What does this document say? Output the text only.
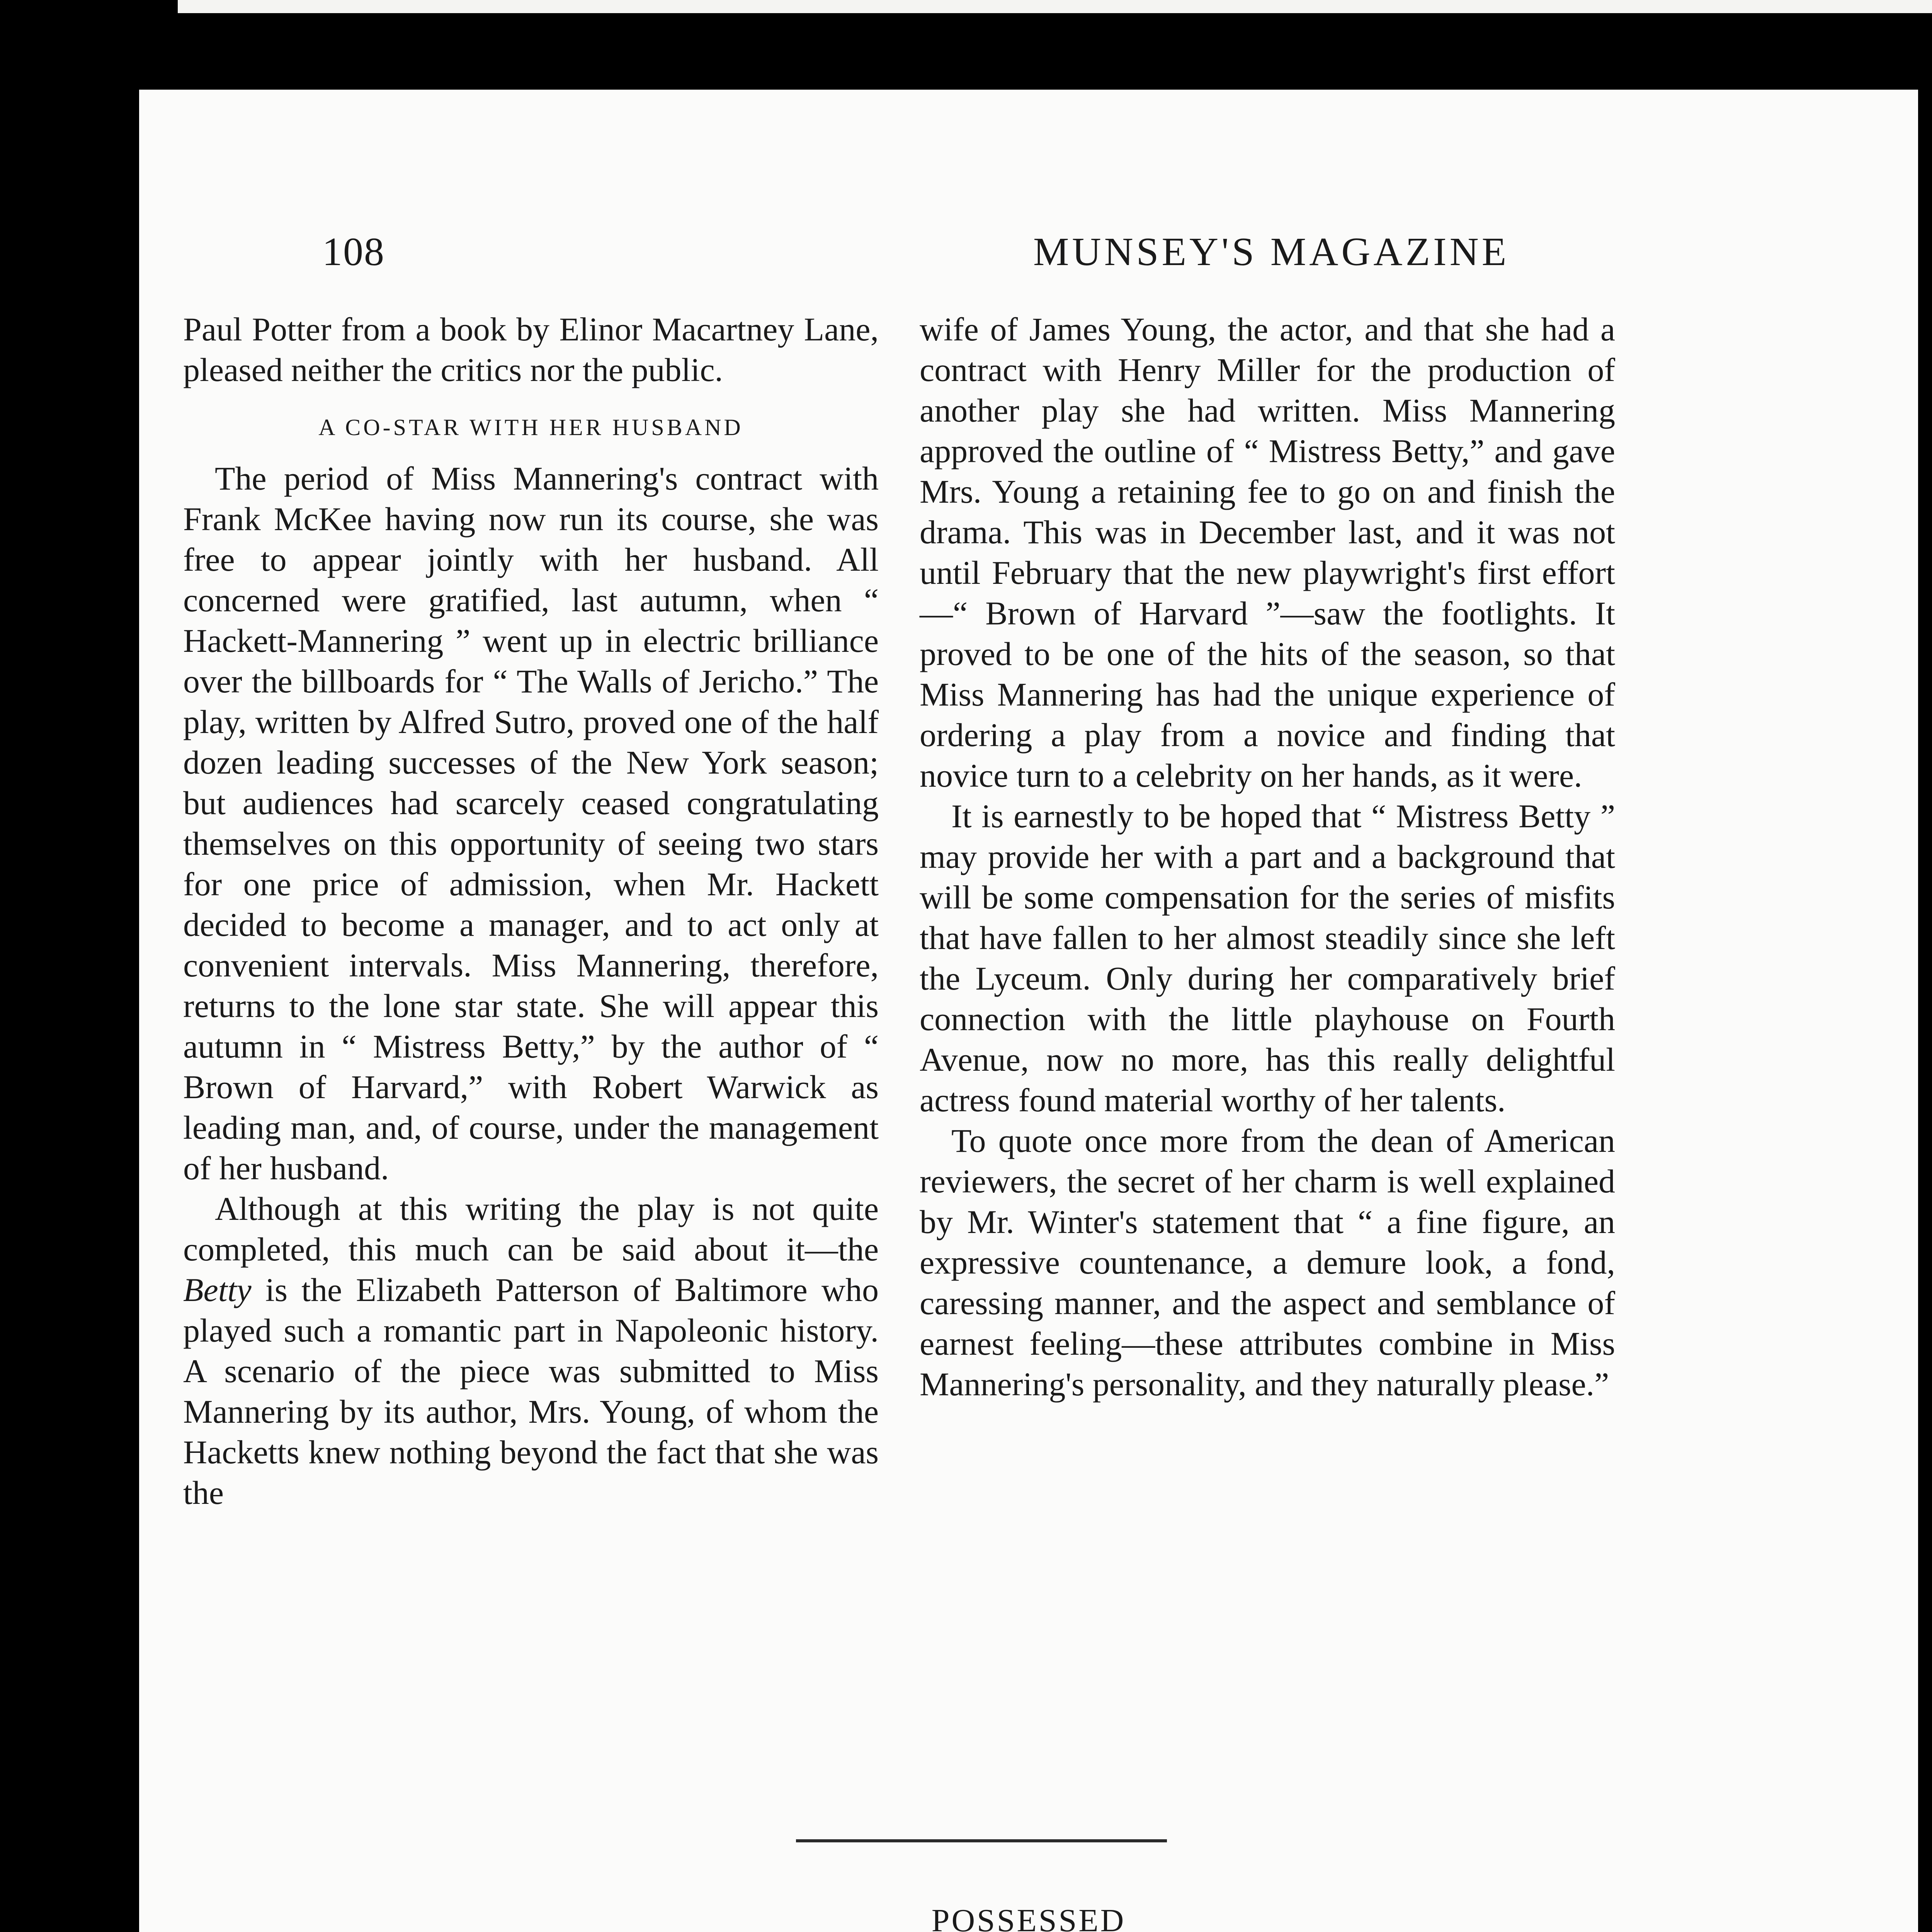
108	MUNSEY'S MAGAZINE

Paul Potter from a book by Elinor Macartney Lane, pleased neither the critics nor the public.

A CO-STAR WITH HER HUSBAND

The period of Miss Mannering's contract with Frank McKee having now run its course, she was free to appear jointly with her husband. All concerned were gratified, last autumn, when “ Hackett-Mannering ” went up in electric brilliance over the billboards for “ The Walls of Jericho.” The play, written by Alfred Sutro, proved one of the half dozen leading successes of the New York season; but audiences had scarcely ceased congratulating themselves on this opportunity of seeing two stars for one price of admission, when Mr. Hackett decided to become a manager, and to act only at convenient intervals. Miss Mannering, therefore, returns to the lone star state. She will appear this autumn in “ Mistress Betty,” by the author of “ Brown of Harvard,” with Robert Warwick as leading man, and, of course, under the management of her husband.

Although at this writing the play is not quite completed, this much can be said about it—the Betty is the Elizabeth Patterson of Baltimore who played such a romantic part in Napoleonic history. A scenario of the piece was submitted to Miss Mannering by its author, Mrs. Young, of whom the Hacketts knew nothing beyond the fact that she was the

wife of James Young, the actor, and that she had a contract with Henry Miller for the production of another play she had written. Miss Mannering approved the outline of “ Mistress Betty,” and gave Mrs. Young a retaining fee to go on and finish the drama. This was in December last, and it was not until February that the new playwright's first effort—“ Brown of Harvard ”—saw the footlights. It proved to be one of the hits of the season, so that Miss Mannering has had the unique experience of ordering a play from a novice and finding that novice turn to a celebrity on her hands, as it were.

It is earnestly to be hoped that “ Mistress Betty ” may provide her with a part and a background that will be some compensation for the series of misfits that have fallen to her almost steadily since she left the Lyceum. Only during her comparatively brief connection with the little playhouse on Fourth Avenue, now no more, has this really delightful actress found material worthy of her talents.

To quote once more from the dean of American reviewers, the secret of her charm is well explained by Mr. Winter's statement that “ a fine figure, an expressive countenance, a demure look, a fond, caressing manner, and the aspect and semblance of earnest feeling—these attributes combine in Miss Mannering's personality, and they naturally please.”

POSSESSED
